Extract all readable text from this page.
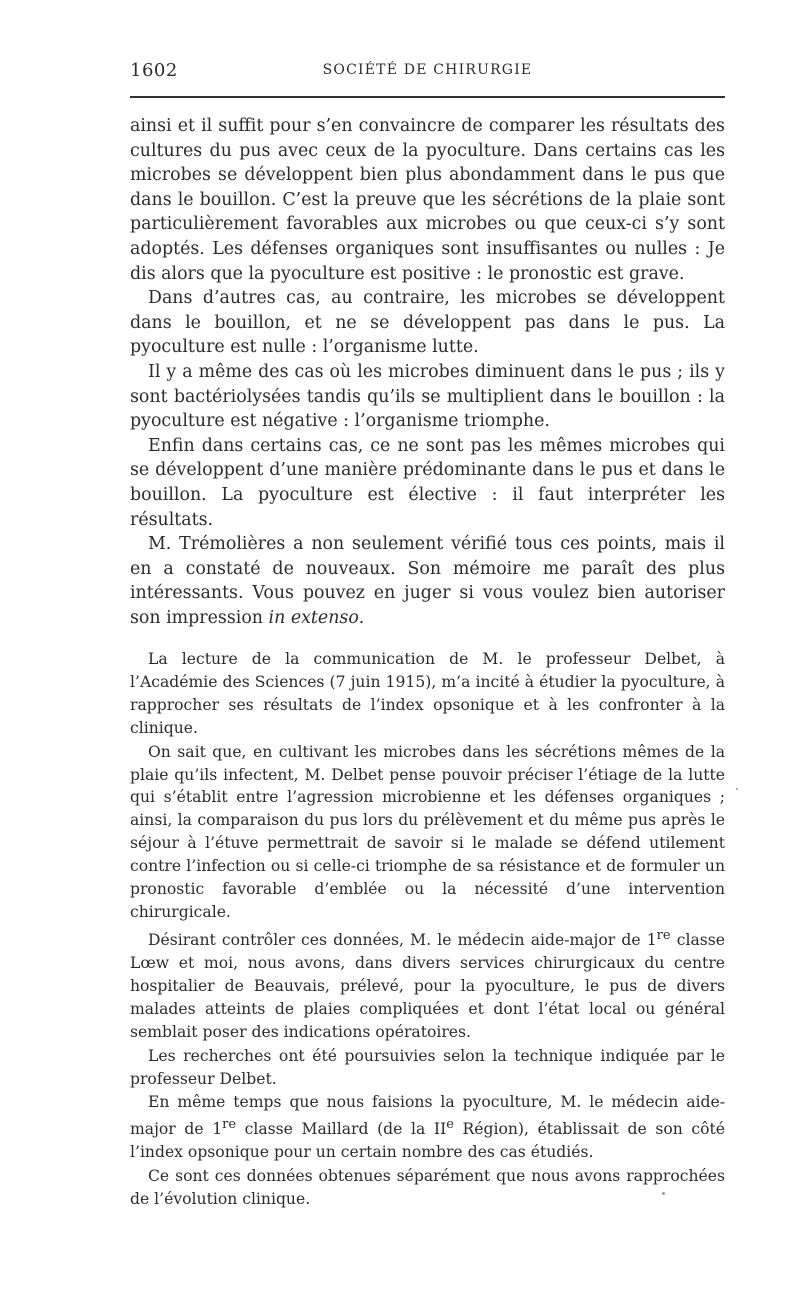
1602	SOCIÉTÉ DE CHIRURGIE

ainsi et il suffit pour s’en convaincre de comparer les résultats des cultures du pus avec ceux de la pyoculture. Dans certains cas les microbes se développent bien plus abondamment dans le pus que dans le bouillon. C’est la preuve que les sécrétions de la plaie sont particulièrement favorables aux microbes ou que ceux-ci s’y sont adoptés. Les défenses organiques sont insuffisantes ou nulles : Je dis alors que la pyoculture est positive : le pronostic est grave.

Dans d’autres cas, au contraire, les microbes se développent dans le bouillon, et ne se développent pas dans le pus. La pyoculture est nulle : l’organisme lutte.

Il y a même des cas où les microbes diminuent dans le pus ; ils y sont bactériolysées tandis qu’ils se multiplient dans le bouillon : la pyoculture est négative : l’organisme triomphe.

Enfin dans certains cas, ce ne sont pas les mêmes microbes qui se développent d’une manière prédominante dans le pus et dans le bouillon. La pyoculture est élective : il faut interpréter les résultats.

M. Trémolières a non seulement vérifié tous ces points, mais il en a constaté de nouveaux. Son mémoire me paraît des plus intéressants. Vous pouvez en juger si vous voulez bien autoriser son impression in extenso.

La lecture de la communication de M. le professeur Delbet, à l’Académie des Sciences (7 juin 1915), m’a incité à étudier la pyoculture, à rapprocher ses résultats de l’index opsonique et à les confronter à la clinique.

On sait que, en cultivant les microbes dans les sécrétions mêmes de la plaie qu’ils infectent, M. Delbet pense pouvoir préciser l’étiage de la lutte qui s’établit entre l’agression microbienne et les défenses organiques ; ainsi, la comparaison du pus lors du prélèvement et du même pus après le séjour à l’étuve permettrait de savoir si le malade se défend utilement contre l’infection ou si celle-ci triomphe de sa résistance et de formuler un pronostic favorable d’emblée ou la nécessité d’une intervention chirurgicale.

Désirant contrôler ces données, M. le médecin aide-major de 1re classe Lœw et moi, nous avons, dans divers services chirurgicaux du centre hospitalier de Beauvais, prélevé, pour la pyoculture, le pus de divers malades atteints de plaies compliquées et dont l’état local ou général semblait poser des indications opératoires.

Les recherches ont été poursuivies selon la technique indiquée par le professeur Delbet.

En même temps que nous faisions la pyoculture, M. le médecin aide-major de 1re classe Maillard (de la IIe Région), établissait de son côté l’index opsonique pour un certain nombre des cas étudiés.

Ce sont ces données obtenues séparément que nous avons rapprochées de l’évolution clinique.
